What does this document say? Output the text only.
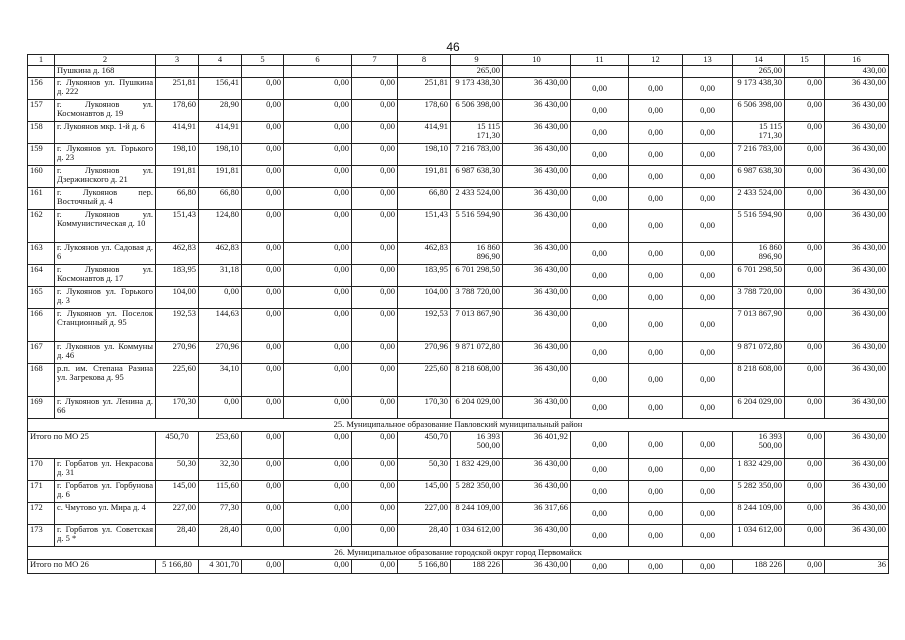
46
1	2	3	4	5	6	7	8	9	10	11	12	13	14	15	16
	Пушкина д. 168							265,00					265,00		430,00
156	г. Лукоянов ул. Пушкина д. 222	251,81	156,41	0,00	0,00	0,00	251,81	9 173 438,30	36 430,00	0,00	0,00	0,00	9 173 438,30	0,00	36 430,00
157	г. Лукоянов ул. Космонавтов д. 19	178,60	28,90	0,00	0,00	0,00	178,60	6 506 398,00	36 430,00	0,00	0,00	0,00	6 506 398,00	0,00	36 430,00
158	г. Лукоянов мкр. 1-й д. 6	414,91	414,91	0,00	0,00	0,00	414,91	15 115 171,30	36 430,00	0,00	0,00	0,00	15 115 171,30	0,00	36 430,00
159	г. Лукоянов ул. Горького д. 23	198,10	198,10	0,00	0,00	0,00	198,10	7 216 783,00	36 430,00	0,00	0,00	0,00	7 216 783,00	0,00	36 430,00
160	г. Лукоянов ул. Дзержинского д. 21	191,81	191,81	0,00	0,00	0,00	191,81	6 987 638,30	36 430,00	0,00	0,00	0,00	6 987 638,30	0,00	36 430,00
161	г. Лукоянов пер. Восточный д. 4	66,80	66,80	0,00	0,00	0,00	66,80	2 433 524,00	36 430,00	0,00	0,00	0,00	2 433 524,00	0,00	36 430,00
162	г. Лукоянов ул. Коммунистическая д. 10	151,43	124,80	0,00	0,00	0,00	151,43	5 516 594,90	36 430,00	0,00	0,00	0,00	5 516 594,90	0,00	36 430,00
163	г. Лукоянов ул. Садовая д. 6	462,83	462,83	0,00	0,00	0,00	462,83	16 860 896,90	36 430,00	0,00	0,00	0,00	16 860 896,90	0,00	36 430,00
164	г. Лукоянов ул. Космонавтов д. 17	183,95	31,18	0,00	0,00	0,00	183,95	6 701 298,50	36 430,00	0,00	0,00	0,00	6 701 298,50	0,00	36 430,00
165	г. Лукоянов ул. Горького д. 3	104,00	0,00	0,00	0,00	0,00	104,00	3 788 720,00	36 430,00	0,00	0,00	0,00	3 788 720,00	0,00	36 430,00
166	г. Лукоянов ул. Поселок Станционный д. 95	192,53	144,63	0,00	0,00	0,00	192,53	7 013 867,90	36 430,00	0,00	0,00	0,00	7 013 867,90	0,00	36 430,00
167	г. Лукоянов ул. Коммуны д. 46	270,96	270,96	0,00	0,00	0,00	270,96	9 871 072,80	36 430,00	0,00	0,00	0,00	9 871 072,80	0,00	36 430,00
168	р.п. им. Степана Разина ул. Загрекова д. 95	225,60	34,10	0,00	0,00	0,00	225,60	8 218 608,00	36 430,00	0,00	0,00	0,00	8 218 608,00	0,00	36 430,00
169	г. Лукоянов ул. Ленина д. 66	170,30	0,00	0,00	0,00	0,00	170,30	6 204 029,00	36 430,00	0,00	0,00	0,00	6 204 029,00	0,00	36 430,00
25. Муниципальное образование Павловский муниципальный район															
Итого по МО 25		450,70	253,60	0,00	0,00	0,00	450,70	16 393 500,00	36 401,92	0,00	0,00	0,00	16 393 500,00	0,00	36 430,00
170	г. Горбатов ул. Некрасова д. 31	50,30	32,30	0,00	0,00	0,00	50,30	1 832 429,00	36 430,00	0,00	0,00	0,00	1 832 429,00	0,00	36 430,00
171	г. Горбатов ул. Горбунова д. 6	145,00	115,60	0,00	0,00	0,00	145,00	5 282 350,00	36 430,00	0,00	0,00	0,00	5 282 350,00	0,00	36 430,00
172	с. Чмутово ул. Мира д. 4	227,00	77,30	0,00	0,00	0,00	227,00	8 244 109,00	36 317,66	0,00	0,00	0,00	8 244 109,00	0,00	36 430,00
173	г. Горбатов ул. Советская д. 5 *	28,40	28,40	0,00	0,00	0,00	28,40	1 034 612,00	36 430,00	0,00	0,00	0,00	1 034 612,00	0,00	36 430,00
26. Муниципальное образование городской округ город Первомайск															
Итого по МО 26		5 166,80	4 301,70	0,00	0,00	0,00	5 166,80	188 226	36 430,00	0,00	0,00	0,00	188 226	0,00	36
